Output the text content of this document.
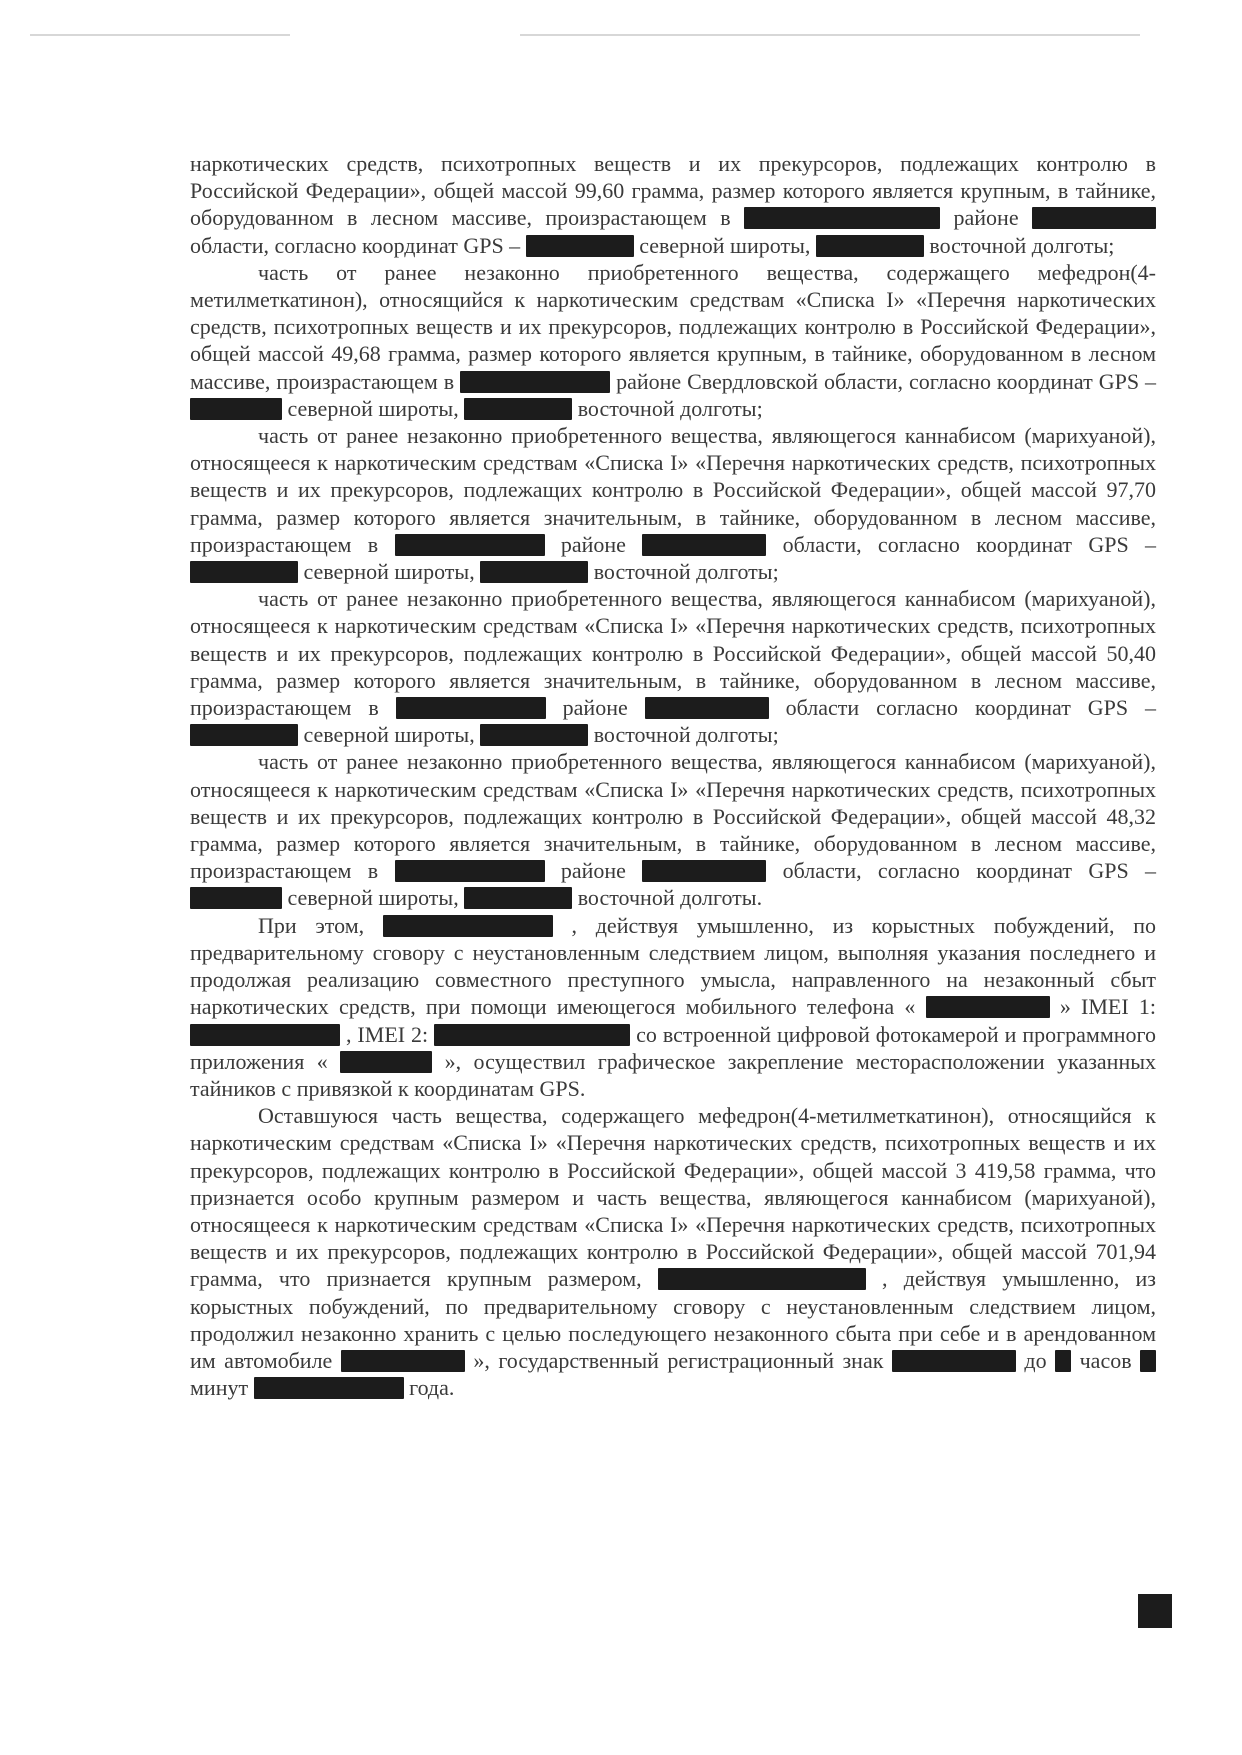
наркотических средств, психотропных веществ и их прекурсоров, подлежащих контролю в Российской Федерации», общей массой 99,60 грамма, размер которого является крупным, в тайнике, оборудованном в лесном массиве, произрастающем в	районе  области, согласно координат GPS –	северной широты,	восточной долготы;

часть от ранее незаконно приобретенного вещества, содержащего мефедрон(4-метилметкатинон), относящийся к наркотическим средствам «Списка I» «Перечня наркотических средств, психотропных веществ и их прекурсоров, подлежащих контролю в Российской Федерации», общей массой 49,68 грамма, размер которого является крупным, в тайнике, оборудованном в лесном массиве, произрастающем в	районе Свердловской области, согласно координат GPS –  северной широты,	восточной долготы;

часть от ранее незаконно приобретенного вещества, являющегося каннабисом (марихуаной), относящееся к наркотическим средствам «Списка I» «Перечня наркотических средств, психотропных веществ и их прекурсоров, подлежащих контролю в Российской Федерации», общей массой 97,70 грамма, размер которого является значительным, в тайнике, оборудованном в лесном массиве, произрастающем в	районе	области, согласно координат GPS –  северной широты,	восточной долготы;

часть от ранее незаконно приобретенного вещества, являющегося каннабисом (марихуаной), относящееся к наркотическим средствам «Списка I» «Перечня наркотических средств, психотропных веществ и их прекурсоров, подлежащих контролю в Российской Федерации», общей массой 50,40 грамма, размер которого является значительным, в тайнике, оборудованном в лесном массиве, произрастающем в	районе	области согласно координат GPS –  северной широты,	восточной долготы;

часть от ранее незаконно приобретенного вещества, являющегося каннабисом (марихуаной), относящееся к наркотическим средствам «Списка I» «Перечня наркотических средств, психотропных веществ и их прекурсоров, подлежащих контролю в Российской Федерации», общей массой 48,32 грамма, размер которого является значительным, в тайнике, оборудованном в лесном массиве, произрастающем в	районе	области, согласно координат GPS –  северной широты,	восточной долготы.

При этом,	, действуя умышленно, из корыстных побуждений, по предварительному сговору с неустановленным следствием лицом, выполняя указания последнего и продолжая реализацию совместного преступного умысла, направленного на незаконный сбыт наркотических средств, при помощи имеющегося мобильного телефона «	» IMEI 1:  , IMEI 2:	со встроенной цифровой фотокамерой и программного приложения «	», осуществил графическое закрепление месторасположении указанных тайников с привязкой к координатам GPS.

Оставшуюся часть вещества, содержащего мефедрон(4-метилметкатинон), относящийся к наркотическим средствам «Списка I» «Перечня наркотических средств, психотропных веществ и их прекурсоров, подлежащих контролю в Российской Федерации», общей массой 3 419,58 грамма, что признается особо крупным размером и часть вещества, являющегося каннабисом (марихуаной), относящееся к наркотическим средствам «Списка I» «Перечня наркотических средств, психотропных веществ и их прекурсоров, подлежащих контролю в Российской Федерации», общей массой 701,94 грамма, что признается крупным размером,	, действуя умышленно, из корыстных побуждений, по предварительному сговору с неустановленным следствием лицом, продолжил незаконно хранить с целью последующего незаконного сбыта при себе и в арендованном им автомобиле	», государственный регистрационный знак	до часов  минут	года.
